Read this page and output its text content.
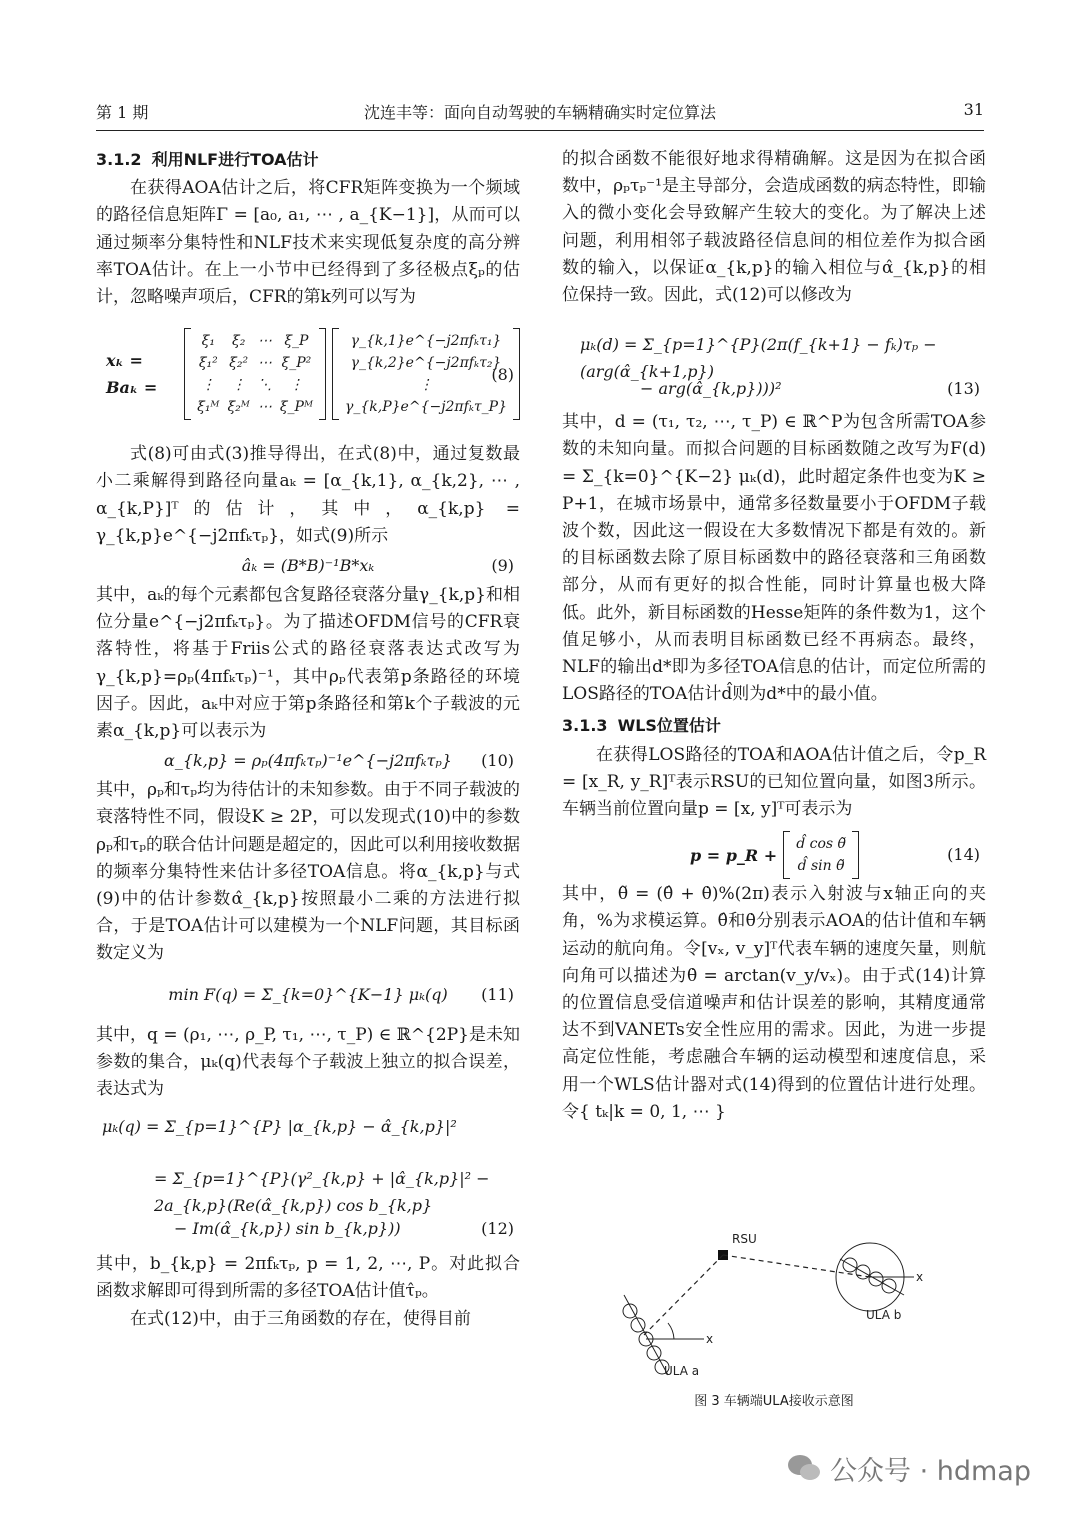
第 1 期	沈连丰等：面向自动驾驶的车辆精确实时定位算法	31
3.1.2 利用NLF进行TOA估计

在获得AOA估计之后，将CFR矩阵变换为一个频域的路径信息矩阵Γ = [a₀, a₁, ⋯ , a_{K−1}]，从而可以通过频率分集特性和NLF技术来实现低复杂度的高分辨率TOA估计。在上一小节中已经得到了多径极点ξₚ的估计，忽略噪声项后，CFR的第k列可以写为

xₖ = Baₖ =
ξ₁	ξ₂	⋯	ξ_P
ξ₁²	ξ₂²	⋯	ξ_P²
⋮	⋮	⋱	⋮
ξ₁ᴹ	ξ₂ᴹ	⋯	ξ_Pᴹ
γ_{k,1}e^{−j2πfₖτ₁}
γ_{k,2}e^{−j2πfₖτ₂}
⋮
γ_{k,P}e^{−j2πfₖτ_P}
(8)

式(8)可由式(3)推导得出，在式(8)中，通过复数最小二乘解得到路径向量aₖ = [α_{k,1}, α_{k,2}, ⋯ , α_{k,P}]ᵀ的估计，其中，α_{k,p} = γ_{k,p}e^{−j2πfₖτₚ}，如式(9)所示

âₖ = (B*B)⁻¹B*xₖ	(9)

其中，aₖ的每个元素都包含复路径衰落分量γ_{k,p}和相位分量e^{−j2πfₖτₚ}。为了描述OFDM信号的CFR衰落特性，将基于Friis公式的路径衰落表达式改写为γ_{k,p}=ρₚ(4πfₖτₚ)⁻¹，其中ρₚ代表第p条路径的环境因子。因此，aₖ中对应于第p条路径和第k个子载波的元素α_{k,p}可以表示为

α_{k,p} = ρₚ(4πfₖτₚ)⁻¹e^{−j2πfₖτₚ}	(10)

其中，ρₚ和τₚ均为待估计的未知参数。由于不同子载波的衰落特性不同，假设K ≥ 2P，可以发现式(10)中的参数ρₚ和τₚ的联合估计问题是超定的，因此可以利用接收数据的频率分集特性来估计多径TOA信息。将α_{k,p}与式(9)中的估计参数α̂_{k,p}按照最小二乘的方法进行拟合，于是TOA估计可以建模为一个NLF问题，其目标函数定义为

min F(q) = Σ_{k=0}^{K−1} μₖ(q)	(11)

其中，q = (ρ₁, ⋯, ρ_P, τ₁, ⋯, τ_P) ∈ ℝ^{2P}是未知参数的集合，μₖ(q)代表每个子载波上独立的拟合误差，表达式为

μₖ(q) = Σ_{p=1}^{P} |α_{k,p} − α̂_{k,p}|²
= Σ_{p=1}^{P}(γ²_{k,p} + |α̂_{k,p}|² − 2a_{k,p}(Re(α̂_{k,p}) cos b_{k,p}
− Im(α̂_{k,p}) sin b_{k,p}))	(12)

其中，b_{k,p} = 2πfₖτₚ, p = 1, 2, ⋯, P。对此拟合函数求解即可得到所需的多径TOA估计值τ̂ₚ。

在式(12)中，由于三角函数的存在，使得目前

的拟合函数不能很好地求得精确解。这是因为在拟合函数中，ρₚτₚ⁻¹是主导部分，会造成函数的病态特性，即输入的微小变化会导致解产生较大的变化。为了解决上述问题，利用相邻子载波路径信息间的相位差作为拟合函数的输入，以保证α_{k,p}的输入相位与α̂_{k,p}的相位保持一致。因此，式(12)可以修改为

μₖ(d) = Σ_{p=1}^{P}(2π(f_{k+1} − fₖ)τₚ − (arg(α̂_{k+1,p})
− arg(α̂_{k,p})))²	(13)

其中，d = (τ₁, τ₂, ⋯, τ_P) ∈ ℝ^P为包含所需TOA参数的未知向量。而拟合问题的目标函数随之改写为F(d) = Σ_{k=0}^{K−2} μₖ(d)，此时超定条件也变为K ≥ P+1，在城市场景中，通常多径数量要小于OFDM子载波个数，因此这一假设在大多数情况下都是有效的。新的目标函数去除了原目标函数中的路径衰落和三角函数部分，从而有更好的拟合性能，同时计算量也极大降低。此外，新目标函数的Hesse矩阵的条件数为1，这个值足够小，从而表明目标函数已经不再病态。最终，NLF的输出d*即为多径TOA信息的估计，而定位所需的LOS路径的TOA估计d̂则为d*中的最小值。

3.1.3 WLS位置估计

在获得LOS路径的TOA和AOA估计值之后，令p_R = [x_R, y_R]ᵀ表示RSU的已知位置向量，如图3所示。车辆当前位置向量p = [x, y]ᵀ可表示为

p = p_R +
d̂ cos θ̃
d̂ sin θ̃
(14)

其中，θ̃ = (θ̂ + θ̇)%(2π)表示入射波与x轴正向的夹角，%为求模运算。θ̂和θ̇分别表示AOA的估计值和车辆运动的航向角。令[vₓ, v_y]ᵀ代表车辆的速度矢量，则航向角可以描述为θ̇ = arctan(v_y/vₓ)。由于式(14)计算的位置信息受信道噪声和估计误差的影响，其精度通常达不到VANETs安全性应用的需求。因此，为进一步提高定位性能，考虑融合车辆的运动模型和速度信息，采用一个WLS估计器对式(14)得到的位置估计进行处理。令{ tₖ|k = 0, 1, ⋯ }

RSU
x
ULA a
x
ULA b
图 3 车辆端ULA接收示意图
公众号 · hdmap
